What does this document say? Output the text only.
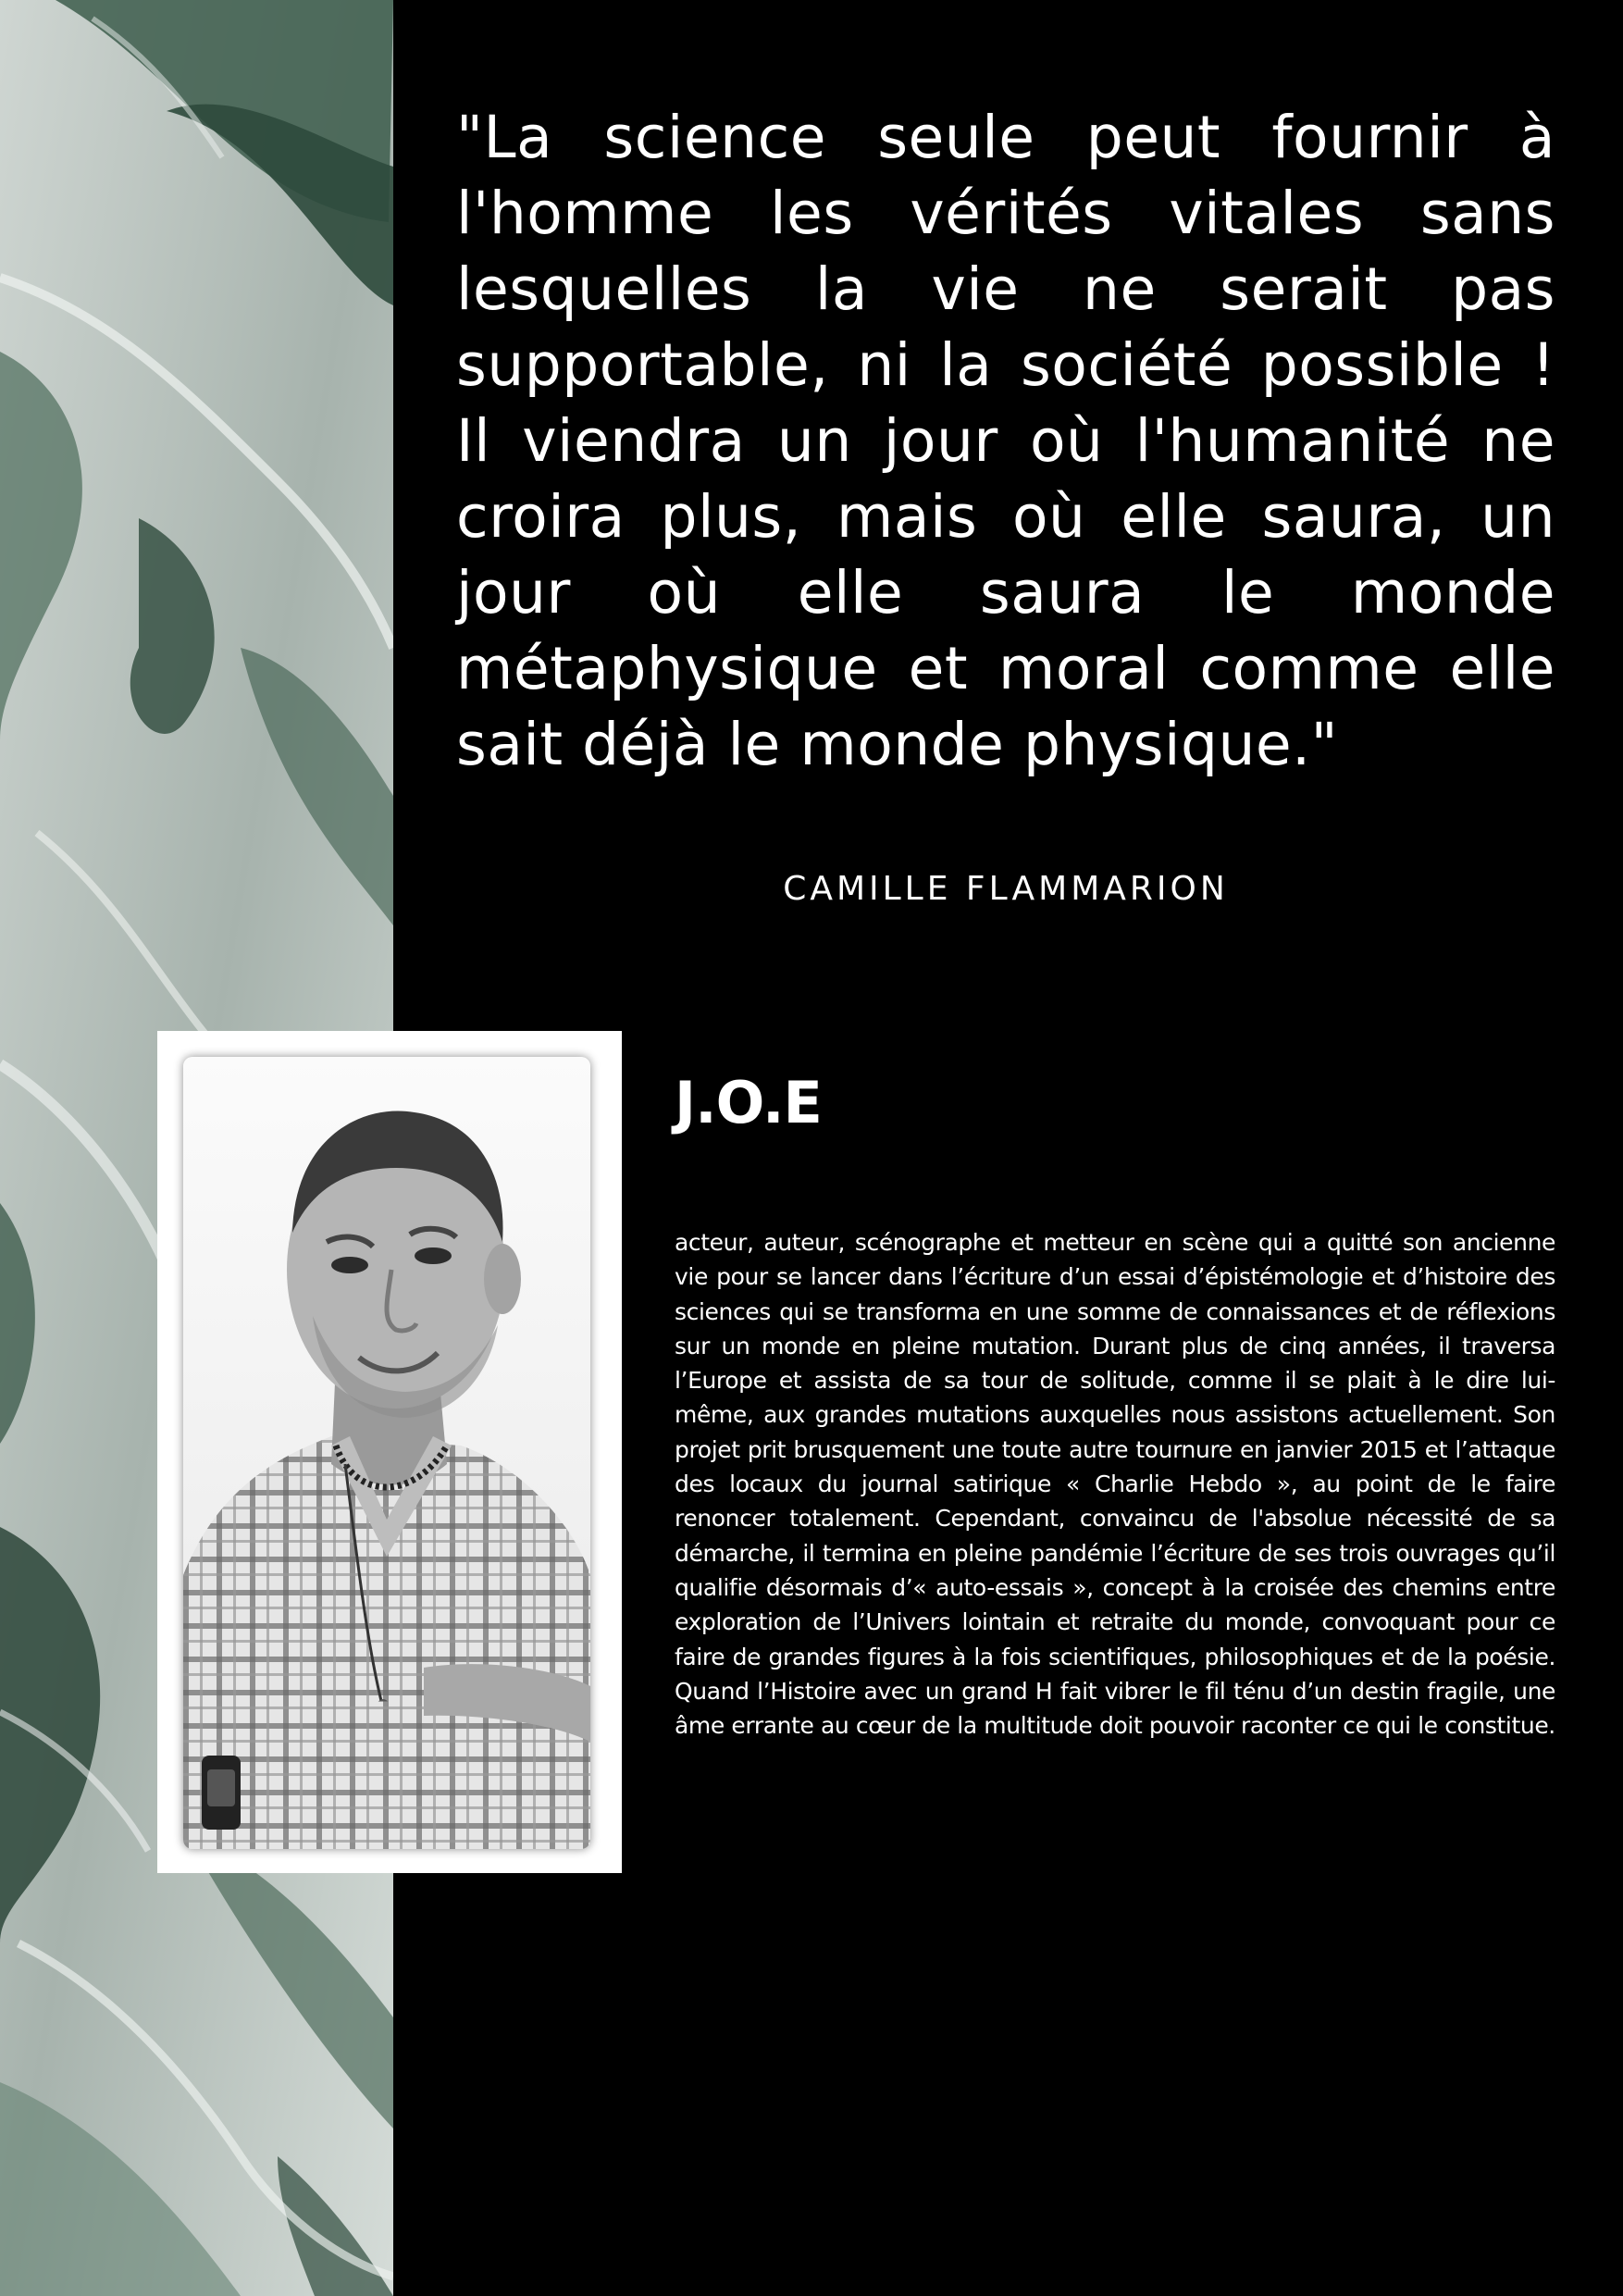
"La science seule peut fournir à l'homme les vérités vitales sans lesquelles la vie ne serait pas supportable, ni la société possible ! Il viendra un jour où l'humanité ne croira plus, mais où elle saura, un jour où elle saura le monde métaphysique et moral comme elle sait déjà le monde physique."

CAMILLE FLAMMARION
J.O.E

acteur, auteur, scénographe et metteur en scène qui a quitté son ancienne vie pour se lancer dans l’écriture d’un essai d’épistémologie et d’histoire des sciences qui se transforma en une somme de connaissances et de réflexions sur un monde en pleine mutation. Durant plus de cinq années, il traversa l’Europe et assista de sa tour de solitude, comme il se plait à le dire lui-même, aux grandes mutations auxquelles nous assistons actuellement. Son projet prit brusquement une toute autre tournure en janvier 2015 et l’attaque des locaux du journal satirique « Charlie Hebdo », au point de le faire renoncer totalement. Cependant, convaincu de l'absolue nécessité de sa démarche, il termina en pleine pandémie l’écriture de ses trois ouvrages qu’il qualifie désormais d’« auto-essais », concept à la croisée des chemins entre exploration de l’Univers lointain et retraite du monde, convoquant pour ce faire de grandes figures à la fois scientifiques, philosophiques et de la poésie. Quand l’Histoire avec un grand H fait vibrer le fil ténu d’un destin fragile, une âme errante au cœur de la multitude doit pouvoir raconter ce qui le constitue.
